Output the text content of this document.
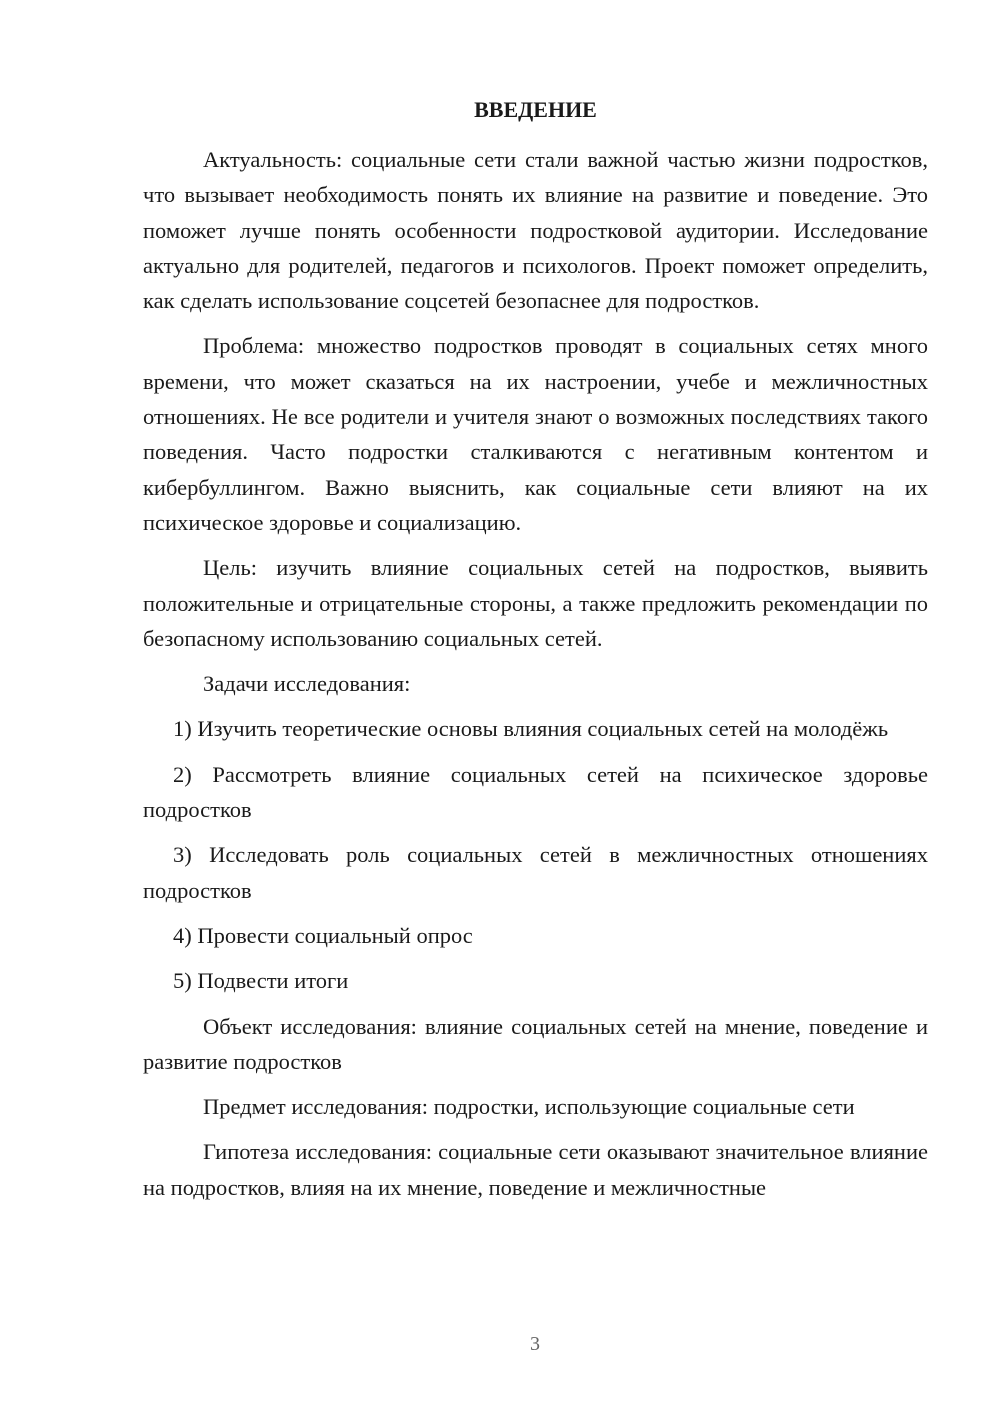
ВВЕДЕНИЕ

Актуальность: социальные сети стали важной частью жизни подростков, что вызывает необходимость понять их влияние на развитие и поведение. Это поможет лучше понять особенности подростковой аудитории. Исследование актуально для родителей, педагогов и психологов. Проект поможет определить, как сделать использование соцсетей безопаснее для подростков.

Проблема: множество подростков проводят в социальных сетях много времени, что может сказаться на их настроении, учебе и межличностных отношениях. Не все родители и учителя знают о возможных последствиях такого поведения. Часто подростки сталкиваются с негативным контентом и кибербуллингом. Важно выяснить, как социальные сети влияют на их психическое здоровье и социализацию.

Цель: изучить влияние социальных сетей на подростков, выявить положительные и отрицательные стороны, а также предложить рекомендации по безопасному использованию социальных сетей.

Задачи исследования:

1) Изучить теоретические основы влияния социальных сетей на молодёжь

2) Рассмотреть влияние социальных сетей на психическое здоровье подростков

3) Исследовать роль социальных сетей в межличностных отношениях подростков

4) Провести социальный опрос

5) Подвести итоги

Объект исследования: влияние социальных сетей на мнение, поведение и развитие подростков

Предмет исследования: подростки, использующие социальные сети

Гипотеза исследования: социальные сети оказывают значительное влияние на подростков, влияя на их мнение, поведение и межличностные

3
